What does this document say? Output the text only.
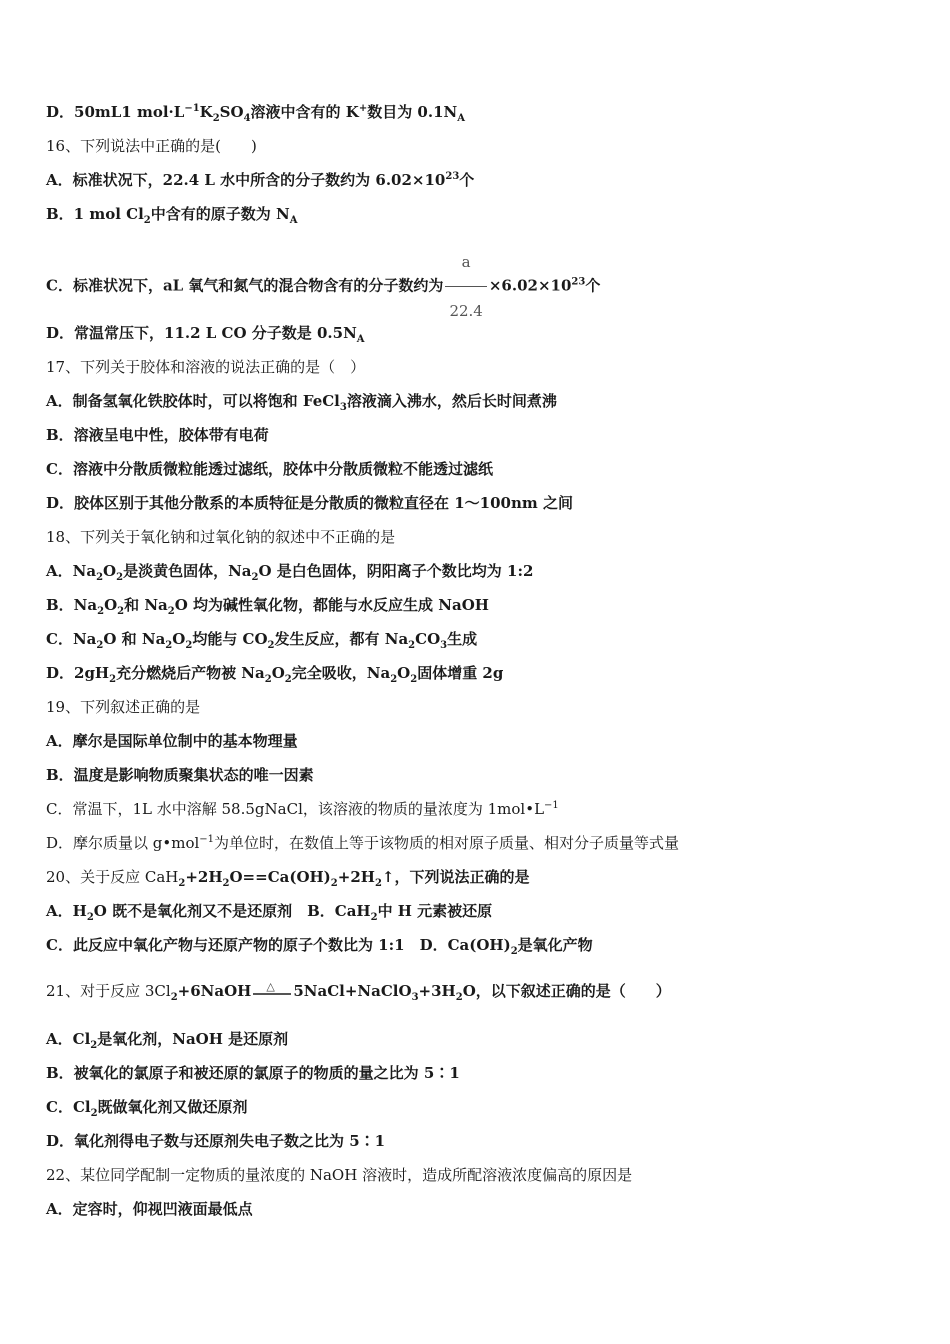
D．50mL1 $mol\cdot L^{-1}K_2SO_4$溶液中含有的 K+数目为 $0.1N_A$
16、下列说法中正确的是(　　)
A．标准状况下，22.4 L 水中所含的分子数约为 $6.02\times 10^{23}$个
B．1 mol $Cl_2$中含有的原子数为 $N_A$
C．标准状况下，aL 氧气和氮气的混合物含有的分子数约为 $\frac{a}{22.4} \times 6.02\times 10^{23}$个
D．常温常压下，11.2 L CO 分子数是 $0.5N_A$
17、下列关于胶体和溶液的说法正确的是（　）
A．制备氢氧化铁胶体时，可以将饱和 FeCl$_3$溶液滴入沸水，然后长时间煮沸
B．溶液呈电中性，胶体带有电荷
C．溶液中分散质微粒能透过滤纸，胶体中分散质微粒不能透过滤纸
D．胶体区别于其他分散系的本质特征是分散质的微粒直径在 1～100nm 之间
18、下列关于氧化钠和过氧化钠的叙述中不正确的是
A．$Na_2O_2$是淡黄色固体，$Na_2O$ 是白色固体，阴阳离子个数比均为 1:2
B．$Na_2O_2$和 $Na_2O$ 均为碱性氧化物，都能与水反应生成 NaOH
C．$Na_2O$ 和 $Na_2O_2$均能与 $CO_2$发生反应，都有 $Na_2CO_3$生成
D．$2gH_2$充分燃烧后产物被 $Na_2O_2$完全吸收，$Na_2O_2$固体增重 2g
19、下列叙述正确的是
A．摩尔是国际单位制中的基本物理量
B．温度是影响物质聚集状态的唯一因素
C．常温下，1L 水中溶解 58.5gNaCl，该溶液的物质的量浓度为 $1mol•L^{-1}$
D．摩尔质量以 g•mol$^{-1}$为单位时，在数值上等于该物质的相对原子质量、相对分子质量等式量
20、关于反应 $CaH_2+2H_2O==Ca(OH)_2+2H_2↑$，下列说法正确的是
A．$H_2O$ 既不是氧化剂又不是还原剂　B．CaH$_2$中 H 元素被还原
C．此反应中氧化产物与还原产物的原子个数比为 1:1　D．$Ca(OH)_2$是氧化产物
21、对于反应 $3Cl_2+6NaOH$ △ $5NaCl+NaClO_3+3H_2O$，以下叙述正确的是（　　）
A．$Cl_2$是氧化剂，NaOH 是还原剂
B．被氧化的氯原子和被还原的氯原子的物质的量之比为 5∶1
C．$Cl_2$既做氧化剂又做还原剂
D．氧化剂得电子数与还原剂失电子数之比为 5∶1
22、某位同学配制一定物质的量浓度的 NaOH 溶液时，造成所配溶液浓度偏高的原因是
A．定容时，仰视凹液面最低点
